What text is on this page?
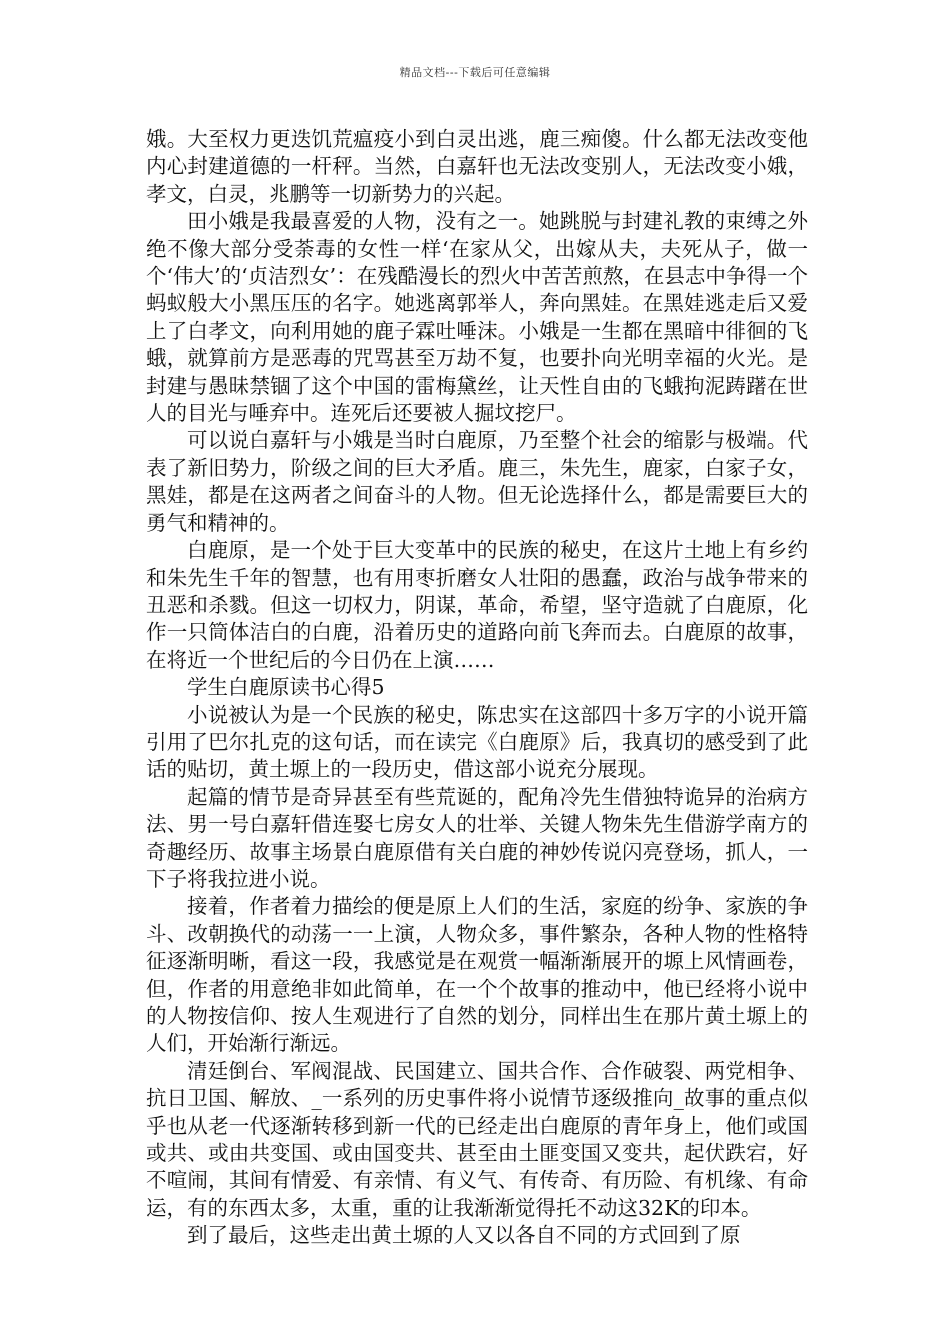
精品文档---下载后可任意编辑

娥。大至权力更迭饥荒瘟疫小到白灵出逃，鹿三痴傻。什么都无法改变他内心封建道德的一杆秤。当然，白嘉轩也无法改变别人，无法改变小娥，孝文，白灵，兆鹏等一切新势力的兴起。

田小娥是我最喜爱的人物，没有之一。她跳脱与封建礼教的束缚之外绝不像大部分受荼毒的女性一样‘在家从父，出嫁从夫，夫死从子，做一个‘伟大’的‘贞洁烈女’：在残酷漫长的烈火中苦苦煎熬，在县志中争得一个蚂蚁般大小黑压压的名字。她逃离郭举人，奔向黑娃。在黑娃逃走后又爱上了白孝文，向利用她的鹿子霖吐唾沫。小娥是一生都在黑暗中徘徊的飞蛾，就算前方是恶毒的咒骂甚至万劫不复，也要扑向光明幸福的火光。是封建与愚昧禁锢了这个中国的雷梅黛丝，让天性自由的飞蛾拘泥踌躇在世人的目光与唾弃中。连死后还要被人掘坟挖尸。

可以说白嘉轩与小娥是当时白鹿原，乃至整个社会的缩影与极端。代表了新旧势力，阶级之间的巨大矛盾。鹿三，朱先生，鹿家，白家子女，黑娃，都是在这两者之间奋斗的人物。但无论选择什么，都是需要巨大的勇气和精神的。

白鹿原，是一个处于巨大变革中的民族的秘史，在这片土地上有乡约和朱先生千年的智慧，也有用枣折磨女人壮阳的愚蠢，政治与战争带来的丑恶和杀戮。但这一切权力，阴谋，革命，希望，坚守造就了白鹿原，化作一只筒体洁白的白鹿，沿着历史的道路向前飞奔而去。白鹿原的故事，在将近一个世纪后的今日仍在上演……

学生白鹿原读书心得5

小说被认为是一个民族的秘史，陈忠实在这部四十多万字的小说开篇引用了巴尔扎克的这句话，而在读完《白鹿原》后，我真切的感受到了此话的贴切，黄土塬上的一段历史，借这部小说充分展现。

起篇的情节是奇异甚至有些荒诞的，配角冷先生借独特诡异的治病方法、男一号白嘉轩借连娶七房女人的壮举、关键人物朱先生借游学南方的奇趣经历、故事主场景白鹿原借有关白鹿的神妙传说闪亮登场，抓人，一下子将我拉进小说。

接着，作者着力描绘的便是原上人们的生活，家庭的纷争、家族的争斗、改朝换代的动荡一一上演，人物众多，事件繁杂，各种人物的性格特征逐渐明晰，看这一段，我感觉是在观赏一幅渐渐展开的塬上风情画卷，但，作者的用意绝非如此简单，在一个个故事的推动中，他已经将小说中的人物按信仰、按人生观进行了自然的划分，同样出生在那片黄土塬上的人们，开始渐行渐远。

清廷倒台、军阀混战、民国建立、国共合作、合作破裂、两党相争、抗日卫国、解放、_一系列的历史事件将小说情节逐级推向_故事的重点似乎也从老一代逐渐转移到新一代的已经走出白鹿原的青年身上，他们或国或共、或由共变国、或由国变共、甚至由土匪变国又变共，起伏跌宕，好不喧闹，其间有情爱、有亲情、有义气、有传奇、有历险、有机缘、有命运，有的东西太多，太重，重的让我渐渐觉得托不动这32K的印本。

到了最后，这些走出黄土塬的人又以各自不同的方式回到了原
